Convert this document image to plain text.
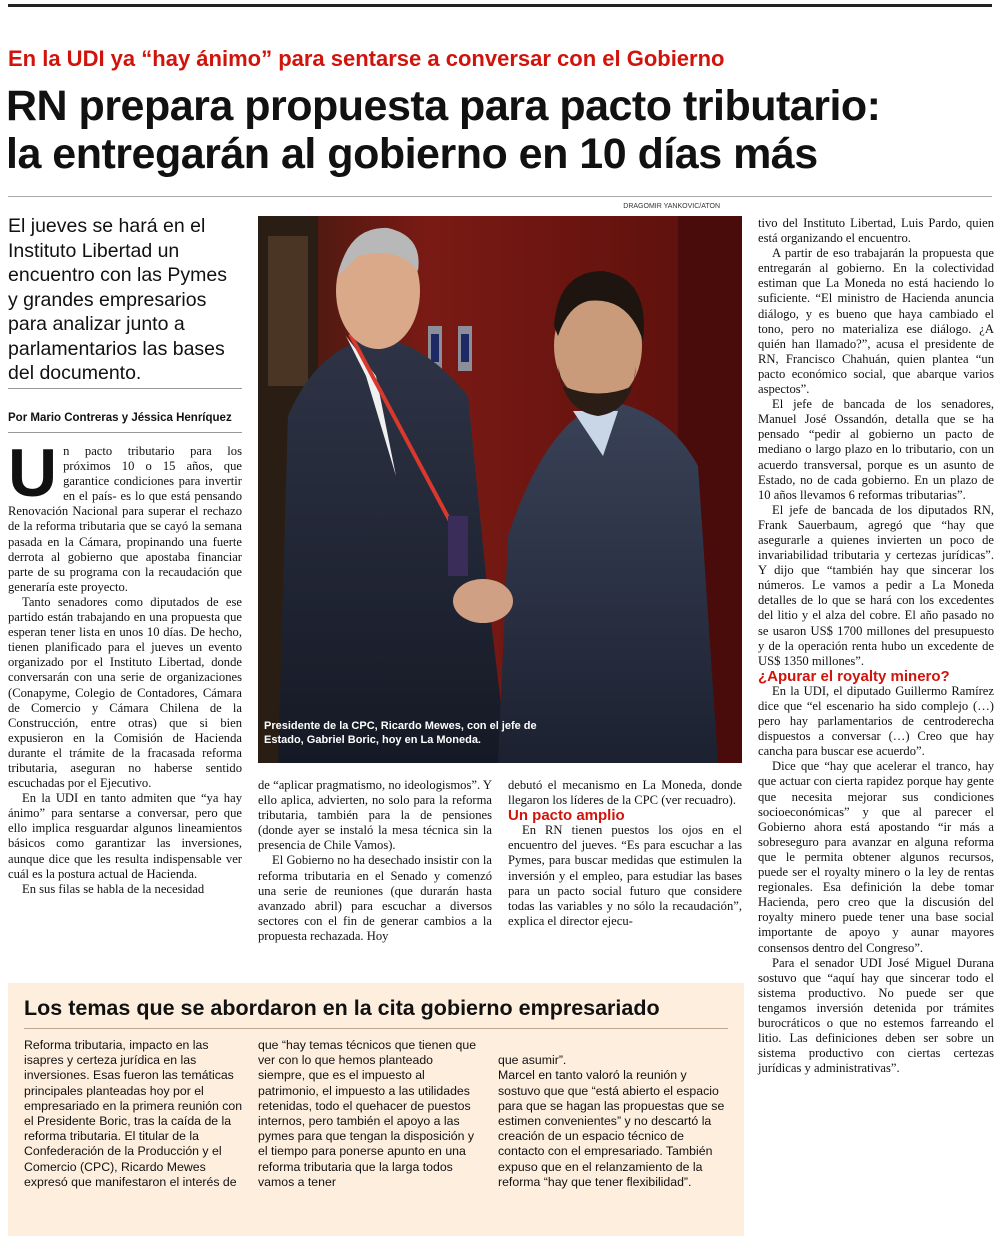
En la UDI ya “hay ánimo” para sentarse a conversar con el Gobierno
RN prepara propuesta para pacto tributario:
la entregarán al gobierno en 10 días más
El jueves se hará en el Instituto Libertad un encuentro con las Pymes y grandes empresarios para analizar junto a parlamentarios las bases del documento.
Por Mario Contreras y Jéssica Henríquez
U n pacto tributario para los próximos 10 o 15 años, que garantice condiciones para invertir en el país- es lo que está pensando Renovación Nacional para superar el rechazo de la reforma tributaria que se cayó la semana pasada en la Cámara, propinando una fuerte derrota al gobierno que apostaba financiar parte de su programa con la recaudación que generaría este proyecto.

Tanto senadores como diputados de ese partido están trabajando en una propuesta que esperan tener lista en unos 10 días. De hecho, tienen planificado para el jueves un evento organizado por el Instituto Libertad, donde conversarán con una serie de organizaciones (Conapyme, Colegio de Contadores, Cámara de Comercio y Cámara Chilena de la Construcción, entre otras) que si bien expusieron en la Comisión de Hacienda durante el trámite de la fracasada reforma tributaria, aseguran no haberse sentido escuchadas por el Ejecutivo.

En la UDI en tanto admiten que “ya hay ánimo” para sentarse a conversar, pero que ello implica resguardar algunos lineamientos básicos como garantizar las inversiones, aunque dice que les resulta indispensable ver cuál es la postura actual de Hacienda.

En sus filas se habla de la necesidad

DRAGOMIR YANKOVIC/ATON
Presidente de la CPC, Ricardo Mewes, con el jefe de Estado, Gabriel Boric, hoy en La Moneda.

de “aplicar pragmatismo, no ideologismos”. Y ello aplica, advierten, no solo para la reforma tributaria, también para la de pensiones (donde ayer se instaló la mesa técnica sin la presencia de Chile Vamos).

El Gobierno no ha desechado insistir con la reforma tributaria en el Senado y comenzó una serie de reuniones (que durarán hasta avanzado abril) para escuchar a diversos sectores con el fin de generar cambios a la propuesta rechazada. Hoy

debutó el mecanismo en La Moneda, donde llegaron los líderes de la CPC (ver recuadro).

Un pacto amplio

En RN tienen puestos los ojos en el encuentro del jueves. “Es para escuchar a las Pymes, para buscar medidas que estimulen la inversión y el empleo, para estudiar las bases para un pacto social futuro que considere todas las variables y no sólo la recaudación”, explica el director ejecu-

tivo del Instituto Libertad, Luis Pardo, quien está organizando el encuentro.

A partir de eso trabajarán la propuesta que entregarán al gobierno. En la colectividad estiman que La Moneda no está haciendo lo suficiente. “El ministro de Hacienda anuncia diálogo, y es bueno que haya cambiado el tono, pero no materializa ese diálogo. ¿A quién han llamado?”, acusa el presidente de RN, Francisco Chahuán, quien plantea “un pacto económico social, que abarque varios aspectos”.

El jefe de bancada de los senadores, Manuel José Ossandón, detalla que se ha pensado “pedir al gobierno un pacto de mediano o largo plazo en lo tributario, con un acuerdo transversal, porque es un asunto de Estado, no de cada gobierno. En un plazo de 10 años llevamos 6 reformas tributarias”.

El jefe de bancada de los diputados RN, Frank Sauerbaum, agregó que “hay que asegurarle a quienes invierten un poco de invariabilidad tributaria y certezas jurídicas”. Y dijo que “también hay que sincerar los números. Le vamos a pedir a La Moneda detalles de lo que se hará con los excedentes del litio y el alza del cobre. El año pasado no se usaron US$ 1700 millones del presupuesto y de la operación renta hubo un excedente de US$ 1350 millones”.

¿Apurar el royalty minero?

En la UDI, el diputado Guillermo Ramírez dice que “el escenario ha sido complejo (…) pero hay parlamentarios de centroderecha dispuestos a conversar (…) Creo que hay cancha para buscar ese acuerdo”.

Dice que “hay que acelerar el tranco, hay que actuar con cierta rapidez porque hay gente que necesita mejorar sus condiciones socioeconómicas” y que al parecer el Gobierno ahora está apostando “ir más a sobreseguro para avanzar en alguna reforma que le permita obtener algunos recursos, puede ser el royalty minero o la ley de rentas regionales. Esa definición la debe tomar Hacienda, pero creo que la discusión del royalty minero puede tener una base social importante de apoyo y aunar mayores consensos dentro del Congreso”.

Para el senador UDI José Miguel Durana sostuvo que “aquí hay que sincerar todo el sistema productivo. No puede ser que tengamos inversión detenida por trámites burocráticos o que no estemos farreando el litio. Las definiciones deben ser sobre un sistema productivo con ciertas certezas jurídicas y administrativas”.

Los temas que se abordaron en la cita gobierno empresariado

Reforma tributaria, impacto en las isapres y certeza jurídica en las inversiones. Esas fueron las temáticas principales planteadas hoy por el empresariado en la primera reunión con el Presidente Boric, tras la caída de la reforma tributaria. El titular de la Confederación de la Producción y el Comercio (CPC), Ricardo Mewes expresó que manifestaron el interés de

que “hay temas técnicos que tienen que ver con lo que hemos planteado siempre, que es el impuesto al patrimonio, el impuesto a las utilidades retenidas, todo el quehacer de puestos internos, pero también el apoyo a las pymes para que tengan la disposición y el tiempo para ponerse apunto en una reforma tributaria que la larga todos vamos a tener

que asumir”.
Marcel en tanto valoró la reunión y sostuvo que que “está abierto el espacio para que se hagan las propuestas que se estimen convenientes” y no descartó la creación de un espacio técnico de contacto con el empresariado. También expuso que en el relanzamiento de la reforma “hay que tener flexibilidad”.
